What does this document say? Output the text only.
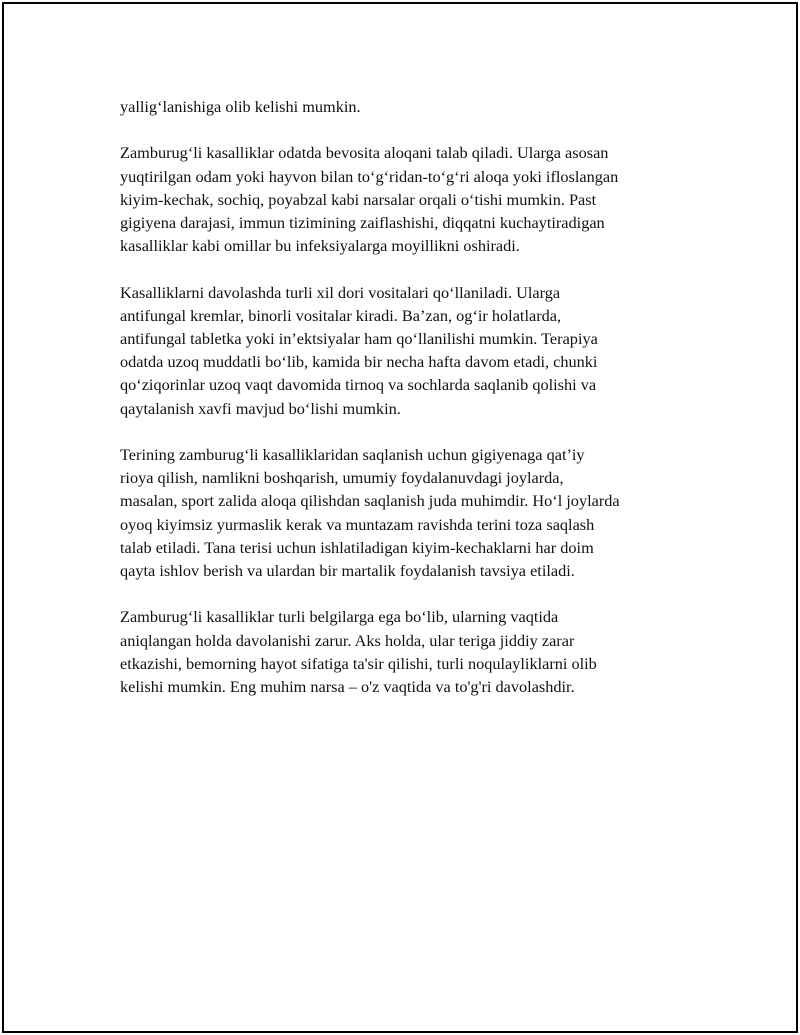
yallig‘lanishiga olib kelishi mumkin.

Zamburug‘li kasalliklar odatda bevosita aloqani talab qiladi. Ularga asosan
yuqtirilgan odam yoki hayvon bilan to‘g‘ridan-to‘g‘ri aloqa yoki ifloslangan
kiyim-kechak, sochiq, poyabzal kabi narsalar orqali o‘tishi mumkin. Past
gigiyena darajasi, immun tizimining zaiflashishi, diqqatni kuchaytiradigan
kasalliklar kabi omillar bu infeksiyalarga moyillikni oshiradi.

Kasalliklarni davolashda turli xil dori vositalari qo‘llaniladi. Ularga
antifungal kremlar, binorli vositalar kiradi. Ba’zan, og‘ir holatlarda,
antifungal tabletka yoki in’ektsiyalar ham qo‘llanilishi mumkin. Terapiya
odatda uzoq muddatli bo‘lib, kamida bir necha hafta davom etadi, chunki
qo‘ziqorinlar uzoq vaqt davomida tirnoq va sochlarda saqlanib qolishi va
qaytalanish xavfi mavjud bo‘lishi mumkin.

Terining zamburug‘li kasalliklaridan saqlanish uchun gigiyenaga qat’iy
rioya qilish, namlikni boshqarish, umumiy foydalanuvdagi joylarda,
masalan, sport zalida aloqa qilishdan saqlanish juda muhimdir. Ho‘l joylarda
oyoq kiyimsiz yurmaslik kerak va muntazam ravishda terini toza saqlash
talab etiladi. Tana terisi uchun ishlatiladigan kiyim-kechaklarni har doim
qayta ishlov berish va ulardan bir martalik foydalanish tavsiya etiladi.

Zamburug‘li kasalliklar turli belgilarga ega bo‘lib, ularning vaqtida
aniqlangan holda davolanishi zarur. Aks holda, ular teriga jiddiy zarar
etkazishi, bemorning hayot sifatiga ta'sir qilishi, turli noqulayliklarni olib
kelishi mumkin. Eng muhim narsa – o'z vaqtida va to'g'ri davolashdir.
